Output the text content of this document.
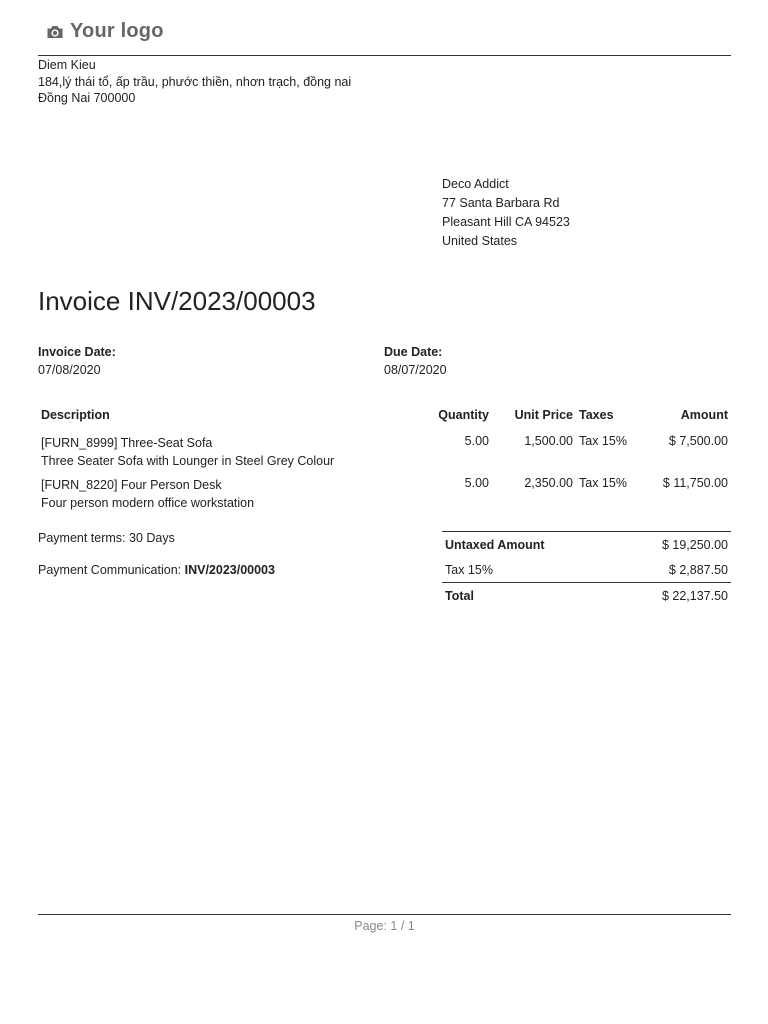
Your logo
Diem Kieu
184,lý thái tổ, ấp trầu, phước thiền, nhơn trạch, đồng nai
Đồng Nai 700000
Deco Addict
77 Santa Barbara Rd
Pleasant Hill CA 94523
United States
Invoice INV/2023/00003
Invoice Date:
07/08/2020
Due Date:
08/07/2020
Description	Quantity	Unit Price	Taxes	Amount

[FURN_8999] Three-Seat Sofa
Three Seater Sofa with Lounger in Steel Grey Colour	5.00	1,500.00	Tax 15%	$ 7,500.00

[FURN_8220] Four Person Desk
Four person modern office workstation	5.00	2,350.00	Tax 15%	$ 11,750.00
Payment terms: 30 Days
Payment Communication: INV/2023/00003
Untaxed Amount	$ 19,250.00
Tax 15%	$ 2,887.50
Total	$ 22,137.50
Page: 1 / 1
